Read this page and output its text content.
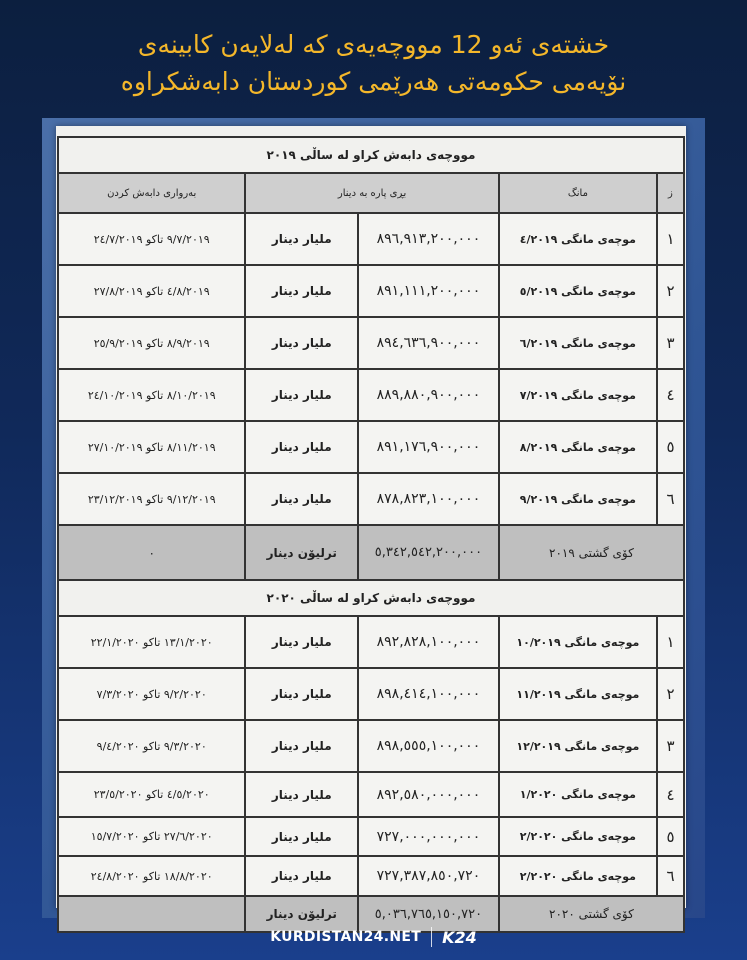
خشتەی ئەو 12 مووچەیەی کە لەلایەن کابینەی
نۆیەمی حکومەتی هەرێمی کوردستان دابەشکراوە
مووچەی دابەش کراو لە ساڵی ٢٠١٩				
ز	مانگ	بڕی پارە بە دینار		بەرواری دابەش کردن
١	موچەی مانگی ٤/٢٠١٩	٨٩٦,٩١٣,٢٠٠,٠٠٠	ملیار دینار	٩/٧/٢٠١٩ تاکو ٢٤/٧/٢٠١٩
٢	موچەی مانگی ٥/٢٠١٩	٨٩١,١١١,٢٠٠,٠٠٠	ملیار دینار	٤/٨/٢٠١٩ تاکو ٢٧/٨/٢٠١٩
٣	موچەی مانگی ٦/٢٠١٩	٨٩٤,٦٣٦,٩٠٠,٠٠٠	ملیار دینار	٨/٩/٢٠١٩ تاکو ٢٥/٩/٢٠١٩
٤	موچەی مانگی ٧/٢٠١٩	٨٨٩,٨٨٠,٩٠٠,٠٠٠	ملیار دینار	٨/١٠/٢٠١٩ تاکو ٢٤/١٠/٢٠١٩
٥	موچەی مانگی ٨/٢٠١٩	٨٩١,١٧٦,٩٠٠,٠٠٠	ملیار دینار	٨/١١/٢٠١٩ تاکو ٢٧/١٠/٢٠١٩
٦	موچەی مانگی ٩/٢٠١٩	٨٧٨,٨٢٣,١٠٠,٠٠٠	ملیار دینار	٩/١٢/٢٠١٩ تاکو ٢٣/١٢/٢٠١٩
کۆی گشتی ٢٠١٩		٥,٣٤٢,٥٤٢,٢٠٠,٠٠٠	ترلیۆن دینار	٠
مووچەی دابەش کراو لە ساڵی ٢٠٢٠				
١	موچەی مانگی ١٠/٢٠١٩	٨٩٢,٨٢٨,١٠٠,٠٠٠	ملیار دینار	١٣/١/٢٠٢٠ تاکو ٢٢/١/٢٠٢٠
٢	موچەی مانگی ١١/٢٠١٩	٨٩٨,٤١٤,١٠٠,٠٠٠	ملیار دینار	٩/٢/٢٠٢٠ تاکو ٧/٣/٢٠٢٠
٣	موچەی مانگی ١٢/٢٠١٩	٨٩٨,٥٥٥,١٠٠,٠٠٠	ملیار دینار	٩/٣/٢٠٢٠ تاکو ٩/٤/٢٠٢٠
٤	موچەی مانگی ١/٢٠٢٠	٨٩٢,٥٨٠,٠٠٠,٠٠٠	ملیار دینار	٤/٥/٢٠٢٠ تاکو ٢٣/٥/٢٠٢٠
٥	موچەی مانگی ٢/٢٠٢٠	٧٢٧,٠٠٠,٠٠٠,٠٠٠	ملیار دینار	٢٧/٦/٢٠٢٠ تاکو ١٥/٧/٢٠٢٠
٦	موچەی مانگی ٢/٢٠٢٠	٧٢٧,٣٨٧,٨٥٠,٧٢٠	ملیار دینار	١٨/٨/٢٠٢٠ تاکو ٢٤/٨/٢٠٢٠
کۆی گشتی ٢٠٢٠		٥,٠٣٦,٧٦٥,١٥٠,٧٢٠	ترلیۆن دینار	
KURDISTAN24.NET K24
